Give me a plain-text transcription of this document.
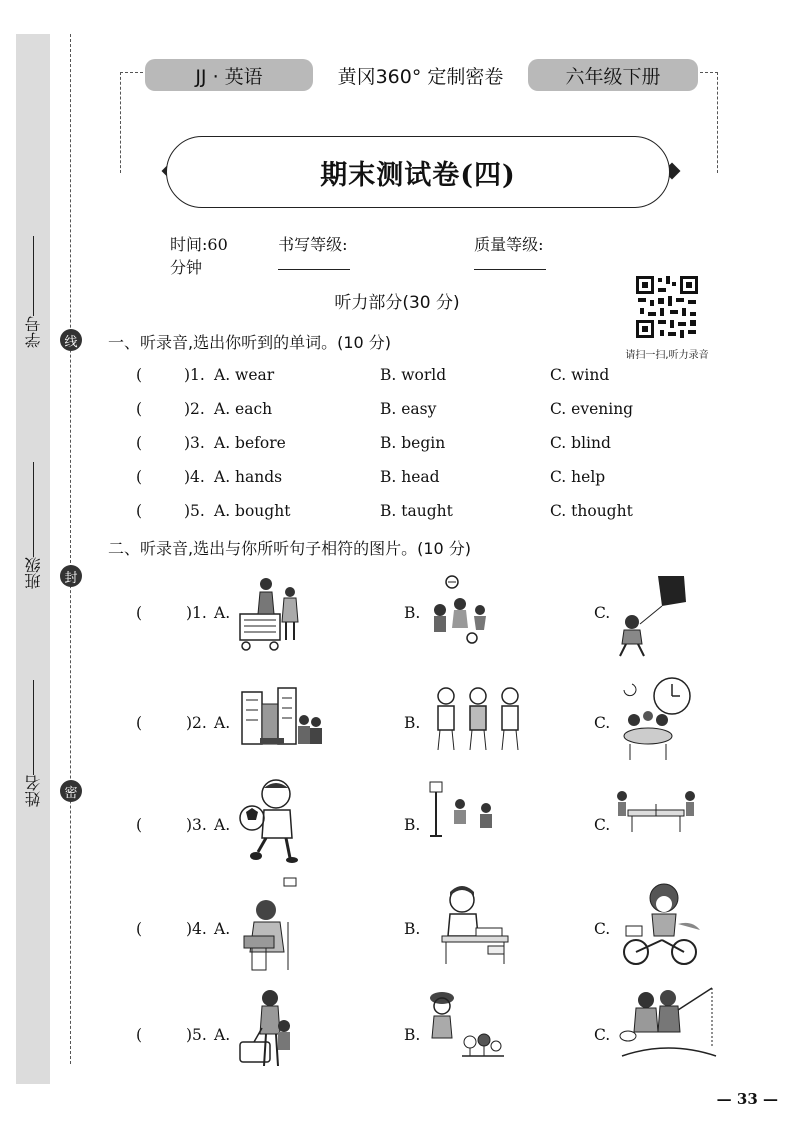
学号
班级
姓名
线
封
密
JJ · 英语	黄冈360° 定制密卷	六年级下册
期末测试卷(四)
时间:60 分钟
书写等级:	质量等级:
请扫一扫,听力录音
听力部分(30 分)
一、听录音,选出你听到的单词。(10 分)
(	)1. A. wear	B. world	C. wind
(	)2. A. each	B. easy	C. evening
(	)3. A. before	B. begin	C. blind
(	)4. A. hands	B. head	C. help
(	)5. A. bought	B. taught	C. thought
二、听录音,选出与你所听句子相符的图片。(10 分)
(	)1. A.	B.	C.
(	)2. A.	B.	C.
(	)3. A.	B.	C.
(	)4. A.	B.	C.
(	)5. A.	B.	C.
— 33 —
